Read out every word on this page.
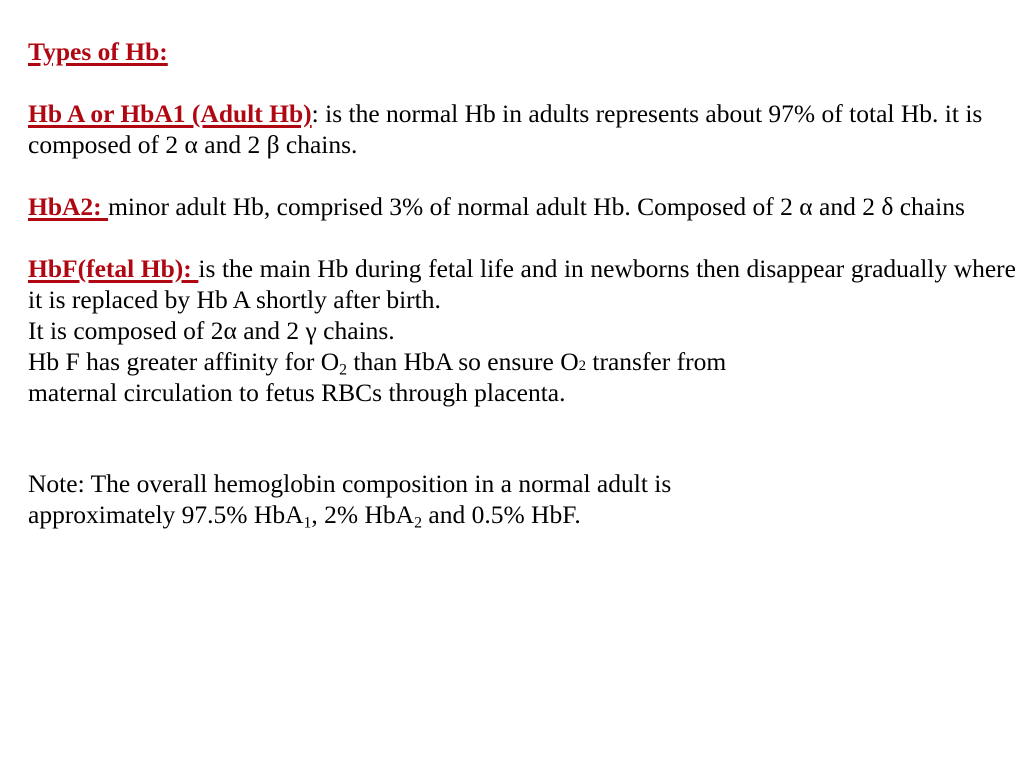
Types of Hb:

Hb A or HbA1 (Adult Hb): is the normal Hb in adults represents about 97% of total Hb. it is composed of 2 α and 2 β chains.

HbA2: minor adult Hb, comprised 3% of normal adult Hb. Composed of 2 α and 2 δ chains

HbF(fetal Hb): is the main Hb during fetal life and in newborns then disappear gradually where it is replaced by Hb A shortly after birth.

It is composed of 2α and 2 γ chains.

Hb F has greater affinity for $O_2$ than HbA so ensure O2 transfer from
maternal circulation to fetus RBCs through placenta.

Note: The overall hemoglobin composition in a normal adult is
approximately 97.5% HbA$_1$, 2% HbA$_2$ and 0.5% HbF.
